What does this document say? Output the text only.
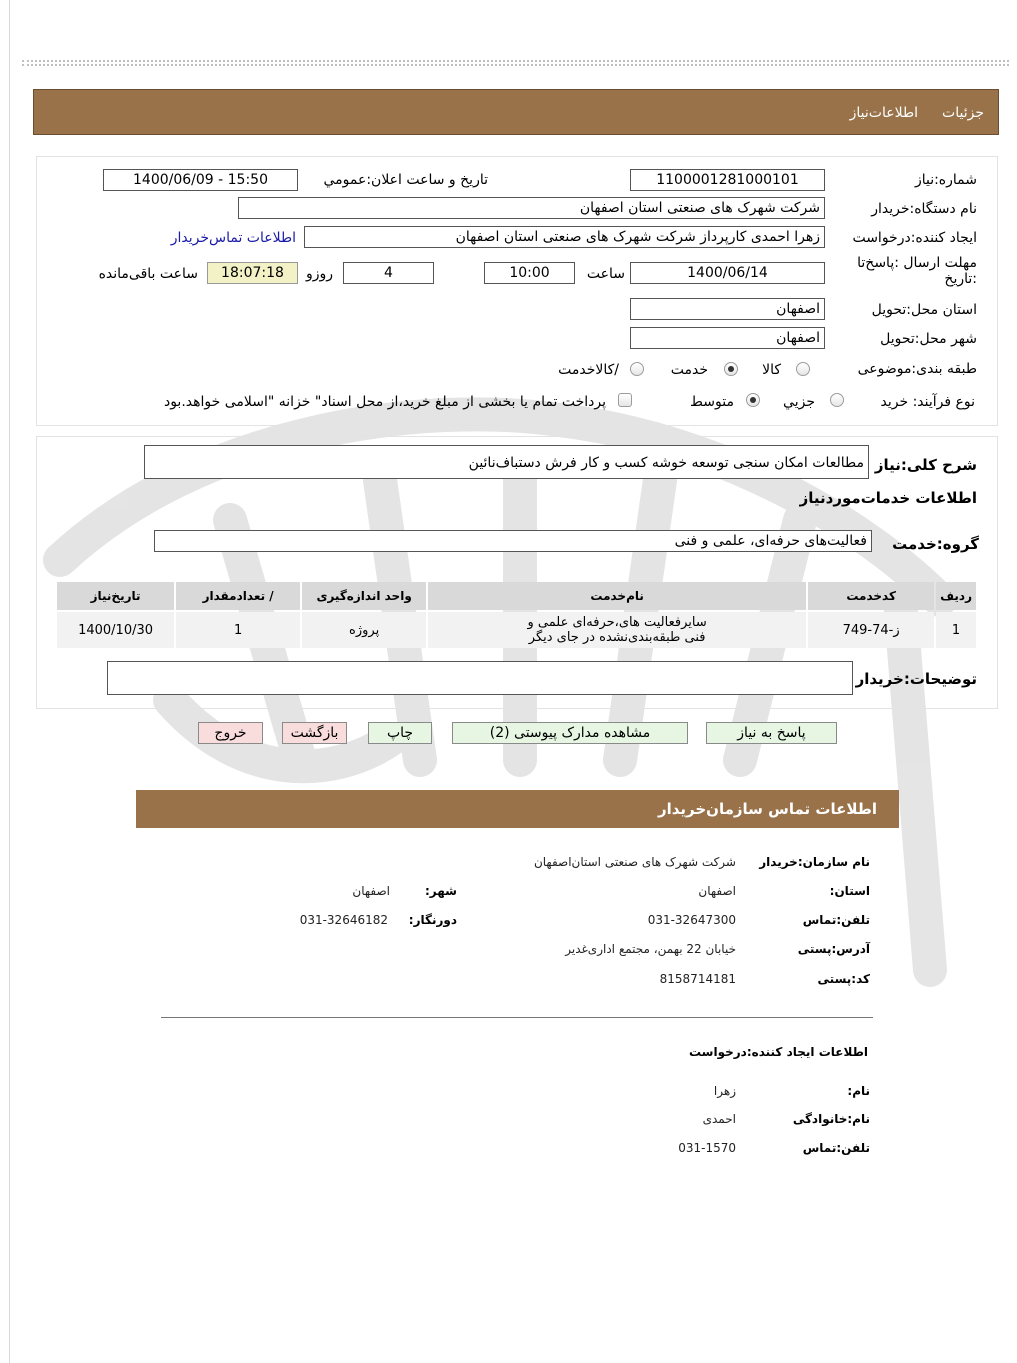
جزئیات
اطلاعات‌نیاز
شماره:نیاز
1100001281000101
تاریخ و ساعت اعلان:عمومي
1400/06/09 - 15:50
نام دستگاه:خریدار
شرکت شهرک های صنعتی استان اصفهان
ایجاد کننده:درخواست
زهرا احمدی کارپرداز شرکت شهرک های صنعتی استان اصفهان
اطلاعات تماس‌خریدار
مهلت ارسال :پاسخ‌تا :تاریخ
1400/06/14
ساعت
10:00
4
روزو
18:07:18
ساعت باقی‌مانده
استان محل:تحویل
اصفهان
شهر محل:تحویل
اصفهان
طبقه بندی:موضوعی
کالا
خدمت
/کالاخدمت
نوع فرآیند: خرید
جزيي
متوسط
پرداخت تمام یا بخشی از مبلغ خرید،از محل اسناد" خزانه "اسلامی خواهد.بود
شرح کلی:نیاز
مطالعات امکان سنجی توسعه خوشه کسب و کار فرش دستباف‌نائین
اطلاعات خدمات‌موردنیاز
گروه:خدمت
فعالیت‌های حرفه‌ای، علمی و فنی
ردیف	کدخدمت	نام‌خدمت	واحد اندازه‌گیری	/ تعدادمقدار	تاریخ‌نیاز
1	ز-74-749	سایرفعالیت های،حرفه‌ای علمی و فنی طبقه‌بندی‌نشده در جای دیگر	پروژه	1	1400/10/30
توضیحات:خریدار
پاسخ به نیاز
مشاهده مدارک پیوستی (2)
چاپ
بازگشت
خروج
اطلاعات تماس سازمان‌خریدار
نام سازمان:خریدار
شرکت شهرک های صنعتی استان‌اصفهان
استان:
اصفهان
شهر:
اصفهان
تلفن:تماس
031-32647300
دورنگار:
031-32646182
آدرس:پستی
خیابان 22 بهمن، مجتمع اداری‌غدیر
کد:پستی
8158714181
اطلاعات ایجاد کننده:درخواست
نام:
زهرا
نام:خانوادگی
احمدی
تلفن:تماس
031-1570
